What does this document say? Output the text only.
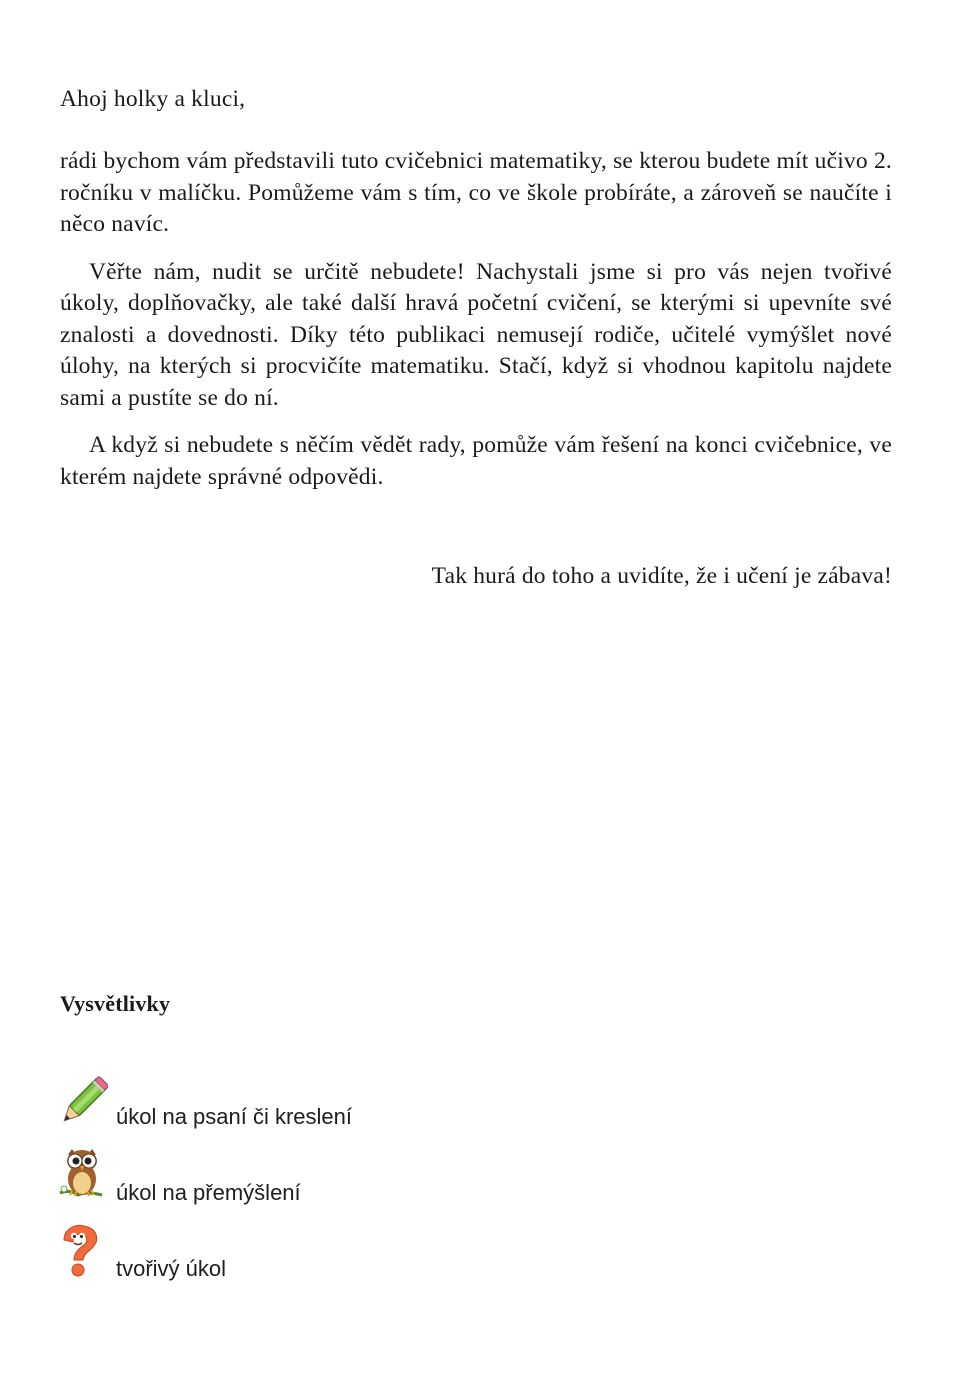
Ahoj holky a kluci,

rádi bychom vám představili tuto cvičebnici matematiky, se kterou budete mít učivo 2. ročníku v malíčku. Pomůžeme vám s tím, co ve škole probíráte, a zároveň se naučíte i něco navíc.

Věřte nám, nudit se určitě nebudete! Nachystali jsme si pro vás nejen tvořivé úkoly, doplňovačky, ale také další hravá početní cvičení, se kterými si upevníte své znalosti a dovednosti. Díky této publikaci nemusejí rodiče, učitelé vymýšlet nové úlohy, na kterých si procvičíte matematiku. Stačí, když si vhodnou kapitolu najdete sami a pustíte se do ní.

A když si nebudete s něčím vědět rady, pomůže vám řešení na konci cvičebnice, ve kterém najdete správné odpovědi.

Tak hurá do toho a uvidíte, že i učení je zábava!

Vysvětlivky

úkol na psaní či kreslení
úkol na přemýšlení
tvořivý úkol
